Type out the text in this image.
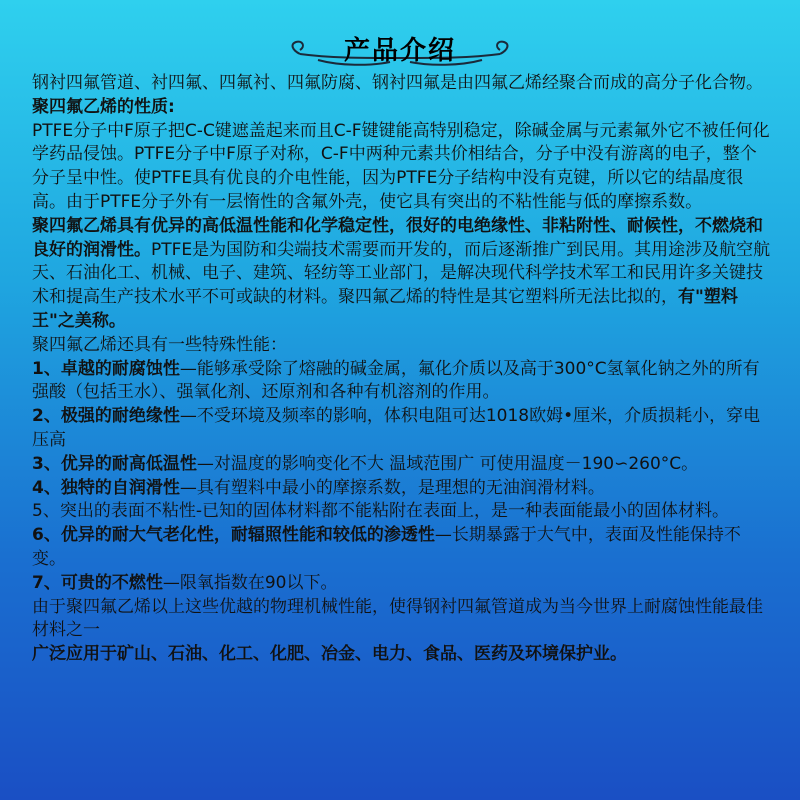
产品介绍

钢衬四氟管道、衬四氟、四氟衬、四氟防腐、钢衬四氟是由四氟乙烯经聚合而成的高分子化合物。

聚四氟乙烯的性质:

PTFE分子中F原子把C-C键遮盖起来而且C-F键键能高特别稳定，除碱金属与元素氟外它不被任何化学药品侵蚀。PTFE分子中F原子对称，C-F中两种元素共价相结合，分子中没有游离的电子，整个分子呈中性。使PTFE具有优良的介电性能，因为PTFE分子结构中没有克键，所以它的结晶度很高。由于PTFE分子外有一层惰性的含氟外壳，使它具有突出的不粘性能与低的摩擦系数。

聚四氟乙烯具有优异的高低温性能和化学稳定性，很好的电绝缘性、非粘附性、耐候性，不燃烧和良好的润滑性。PTFE是为国防和尖端技术需要而开发的，而后逐渐推广到民用。其用途涉及航空航天、石油化工、机械、电子、建筑、轻纺等工业部门，是解决现代科学技术军工和民用许多关键技术和提高生产技术水平不可或缺的材料。聚四氟乙烯的特性是其它塑料所无法比拟的，有"塑料王"之美称。

聚四氟乙烯还具有一些特殊性能：

1、卓越的耐腐蚀性—能够承受除了熔融的碱金属，氟化介质以及高于300°C氢氧化钠之外的所有强酸（包括王水）、强氧化剂、还原剂和各种有机溶剂的作用。

2、极强的耐绝缘性—不受环境及频率的影响，体积电阻可达1018欧姆•厘米，介质损耗小，穿电压高

3、优异的耐高低温性—对温度的影响变化不大 温域范围广 可使用温度－190∽260°C。

4、独特的自润滑性—具有塑料中最小的摩擦系数，是理想的无油润滑材料。

5、突出的表面不粘性-已知的固体材料都不能粘附在表面上，是一种表面能最小的固体材料。

6、优异的耐大气老化性，耐辐照性能和较低的渗透性—长期暴露于大气中，表面及性能保持不变。

7、可贵的不燃性—限氧指数在90以下。

由于聚四氟乙烯以上这些优越的物理机械性能，使得钢衬四氟管道成为当今世界上耐腐蚀性能最佳材料之一

广泛应用于矿山、石油、化工、化肥、冶金、电力、食品、医药及环境保护业。
